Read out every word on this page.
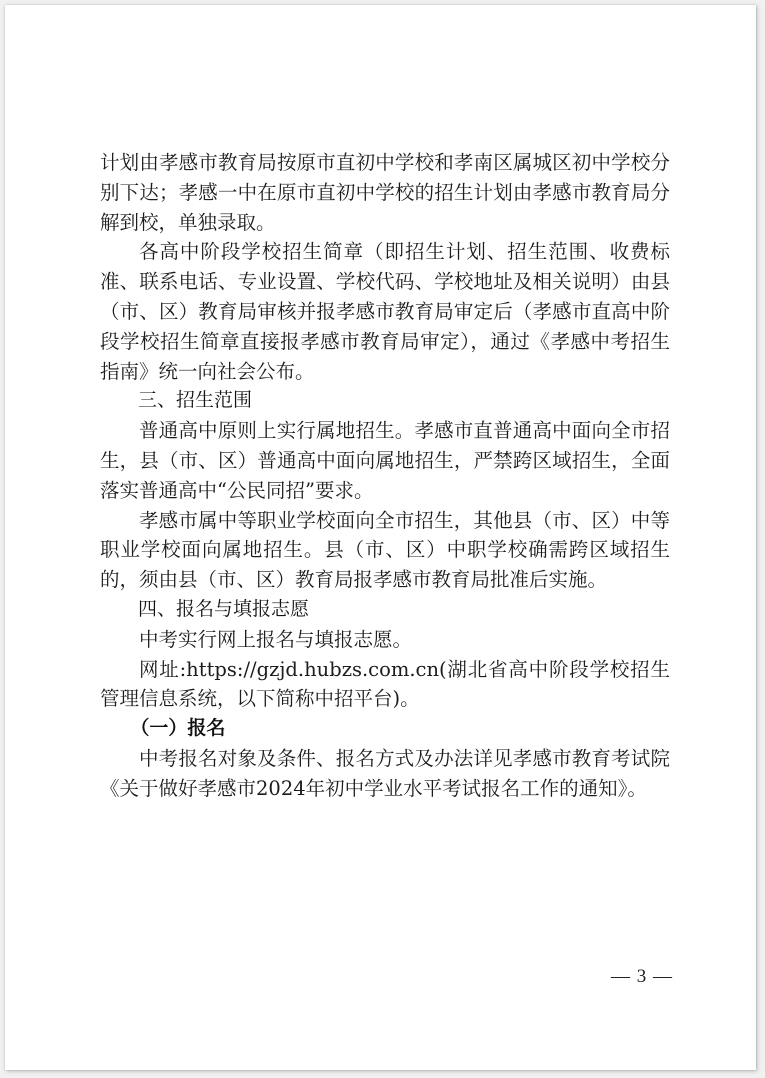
计划由孝感市教育局按原市直初中学校和孝南区属城区初中学校分别下达；孝感一中在原市直初中学校的招生计划由孝感市教育局分解到校，单独录取。

各高中阶段学校招生简章（即招生计划、招生范围、收费标准、联系电话、专业设置、学校代码、学校地址及相关说明）由县（市、区）教育局审核并报孝感市教育局审定后（孝感市直高中阶段学校招生简章直接报孝感市教育局审定），通过《孝感中考招生指南》统一向社会公布。

三、招生范围

普通高中原则上实行属地招生。孝感市直普通高中面向全市招生，县（市、区）普通高中面向属地招生，严禁跨区域招生，全面落实普通高中“公民同招”要求。

孝感市属中等职业学校面向全市招生，其他县（市、区）中等职业学校面向属地招生。县（市、区）中职学校确需跨区域招生的，须由县（市、区）教育局报孝感市教育局批准后实施。

四、报名与填报志愿

中考实行网上报名与填报志愿。

网址:https://gzjd.hubzs.com.cn(湖北省高中阶段学校招生管理信息系统，以下简称中招平台)。

（一）报名

中考报名对象及条件、报名方式及办法详见孝感市教育考试院《关于做好孝感市2024年初中学业水平考试报名工作的通知》。

— 3 —
